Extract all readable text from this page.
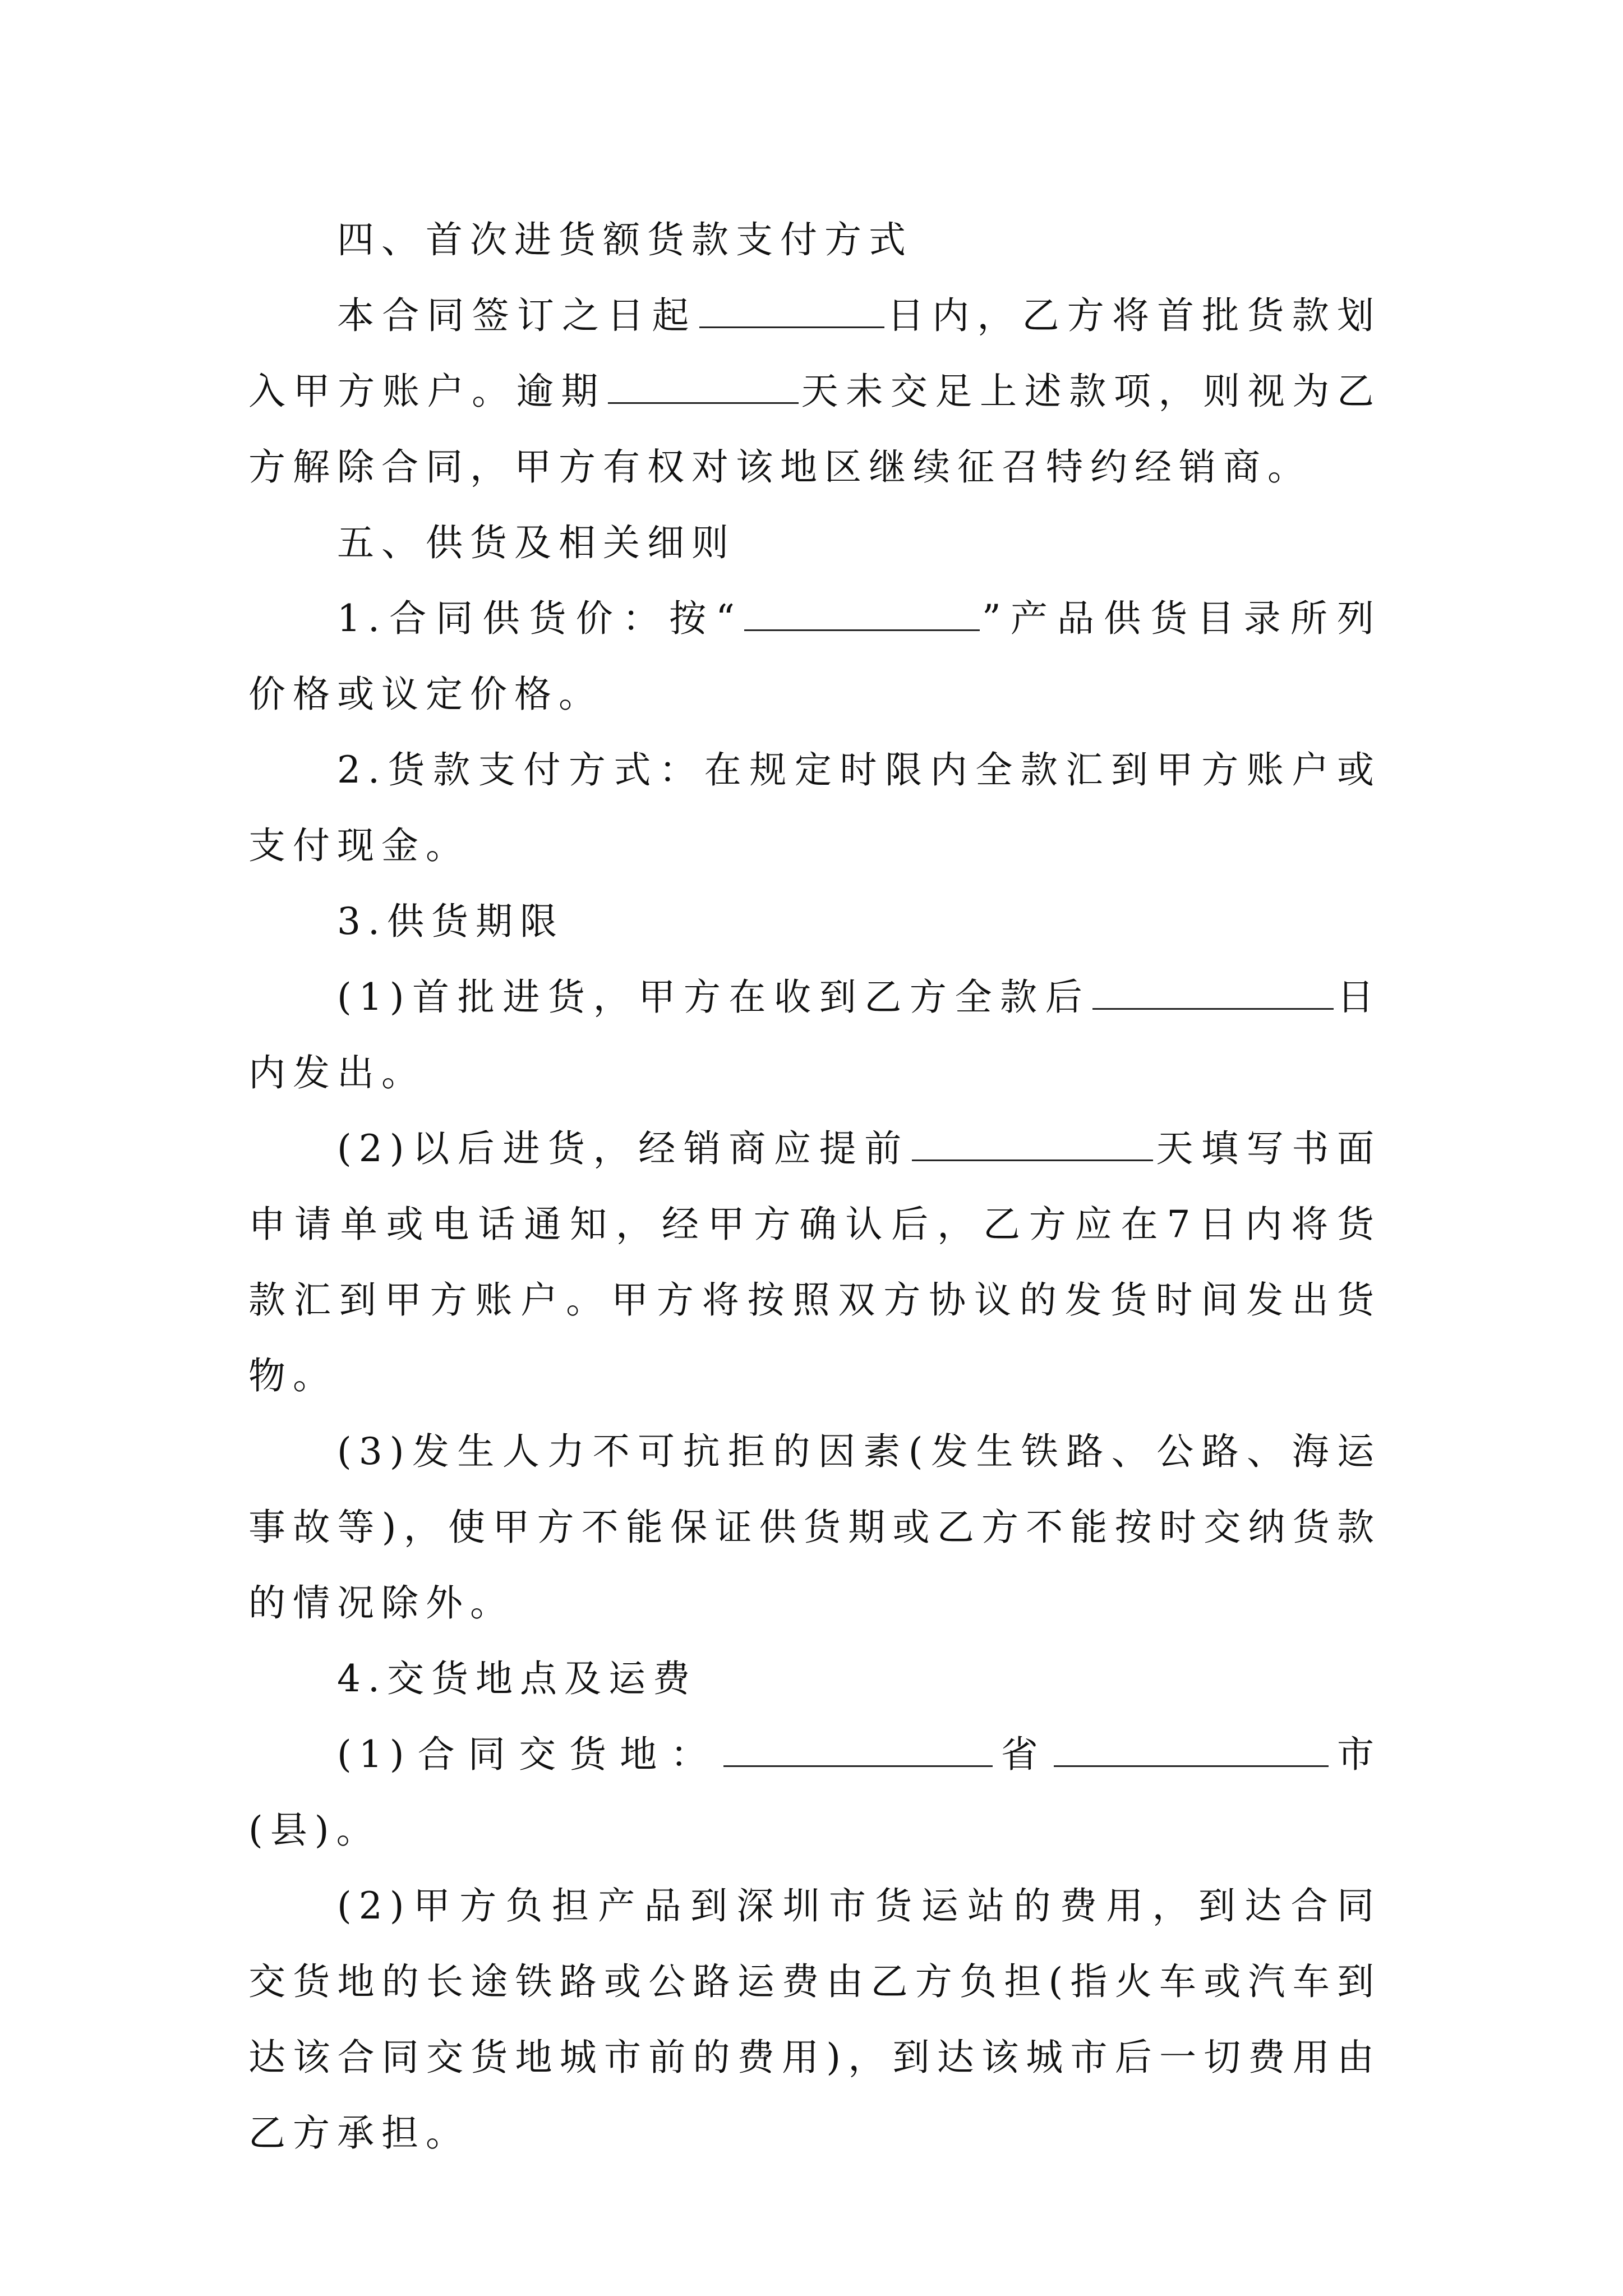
四、首次进货额货款支付方式

本合同签订之日起	日内，乙方将首批货款划入甲方账户。逾期	天未交足上述款项，则视为乙方解除合同，甲方有权对该地区继续征召特约经销商。

五、供货及相关细则

1.合同供货价：按“	”产品供货目录所列价格或议定价格。

2.货款支付方式：在规定时限内全款汇到甲方账户或支付现金。

3.供货期限

(1)首批进货，甲方在收到乙方全款后	日内发出。

(2)以后进货，经销商应提前	天填写书面申请单或电话通知，经甲方确认后，乙方应在7日内将货款汇到甲方账户。甲方将按照双方协议的发货时间发出货物。

(3)发生人力不可抗拒的因素(发生铁路、公路、海运事故等)，使甲方不能保证供货期或乙方不能按时交纳货款的情况除外。

4.交货地点及运费

(1)合同交货地：	省	市(县)。

(2)甲方负担产品到深圳市货运站的费用，到达合同交货地的长途铁路或公路运费由乙方负担(指火车或汽车到达该合同交货地城市前的费用)，到达该城市后一切费用由乙方承担。
